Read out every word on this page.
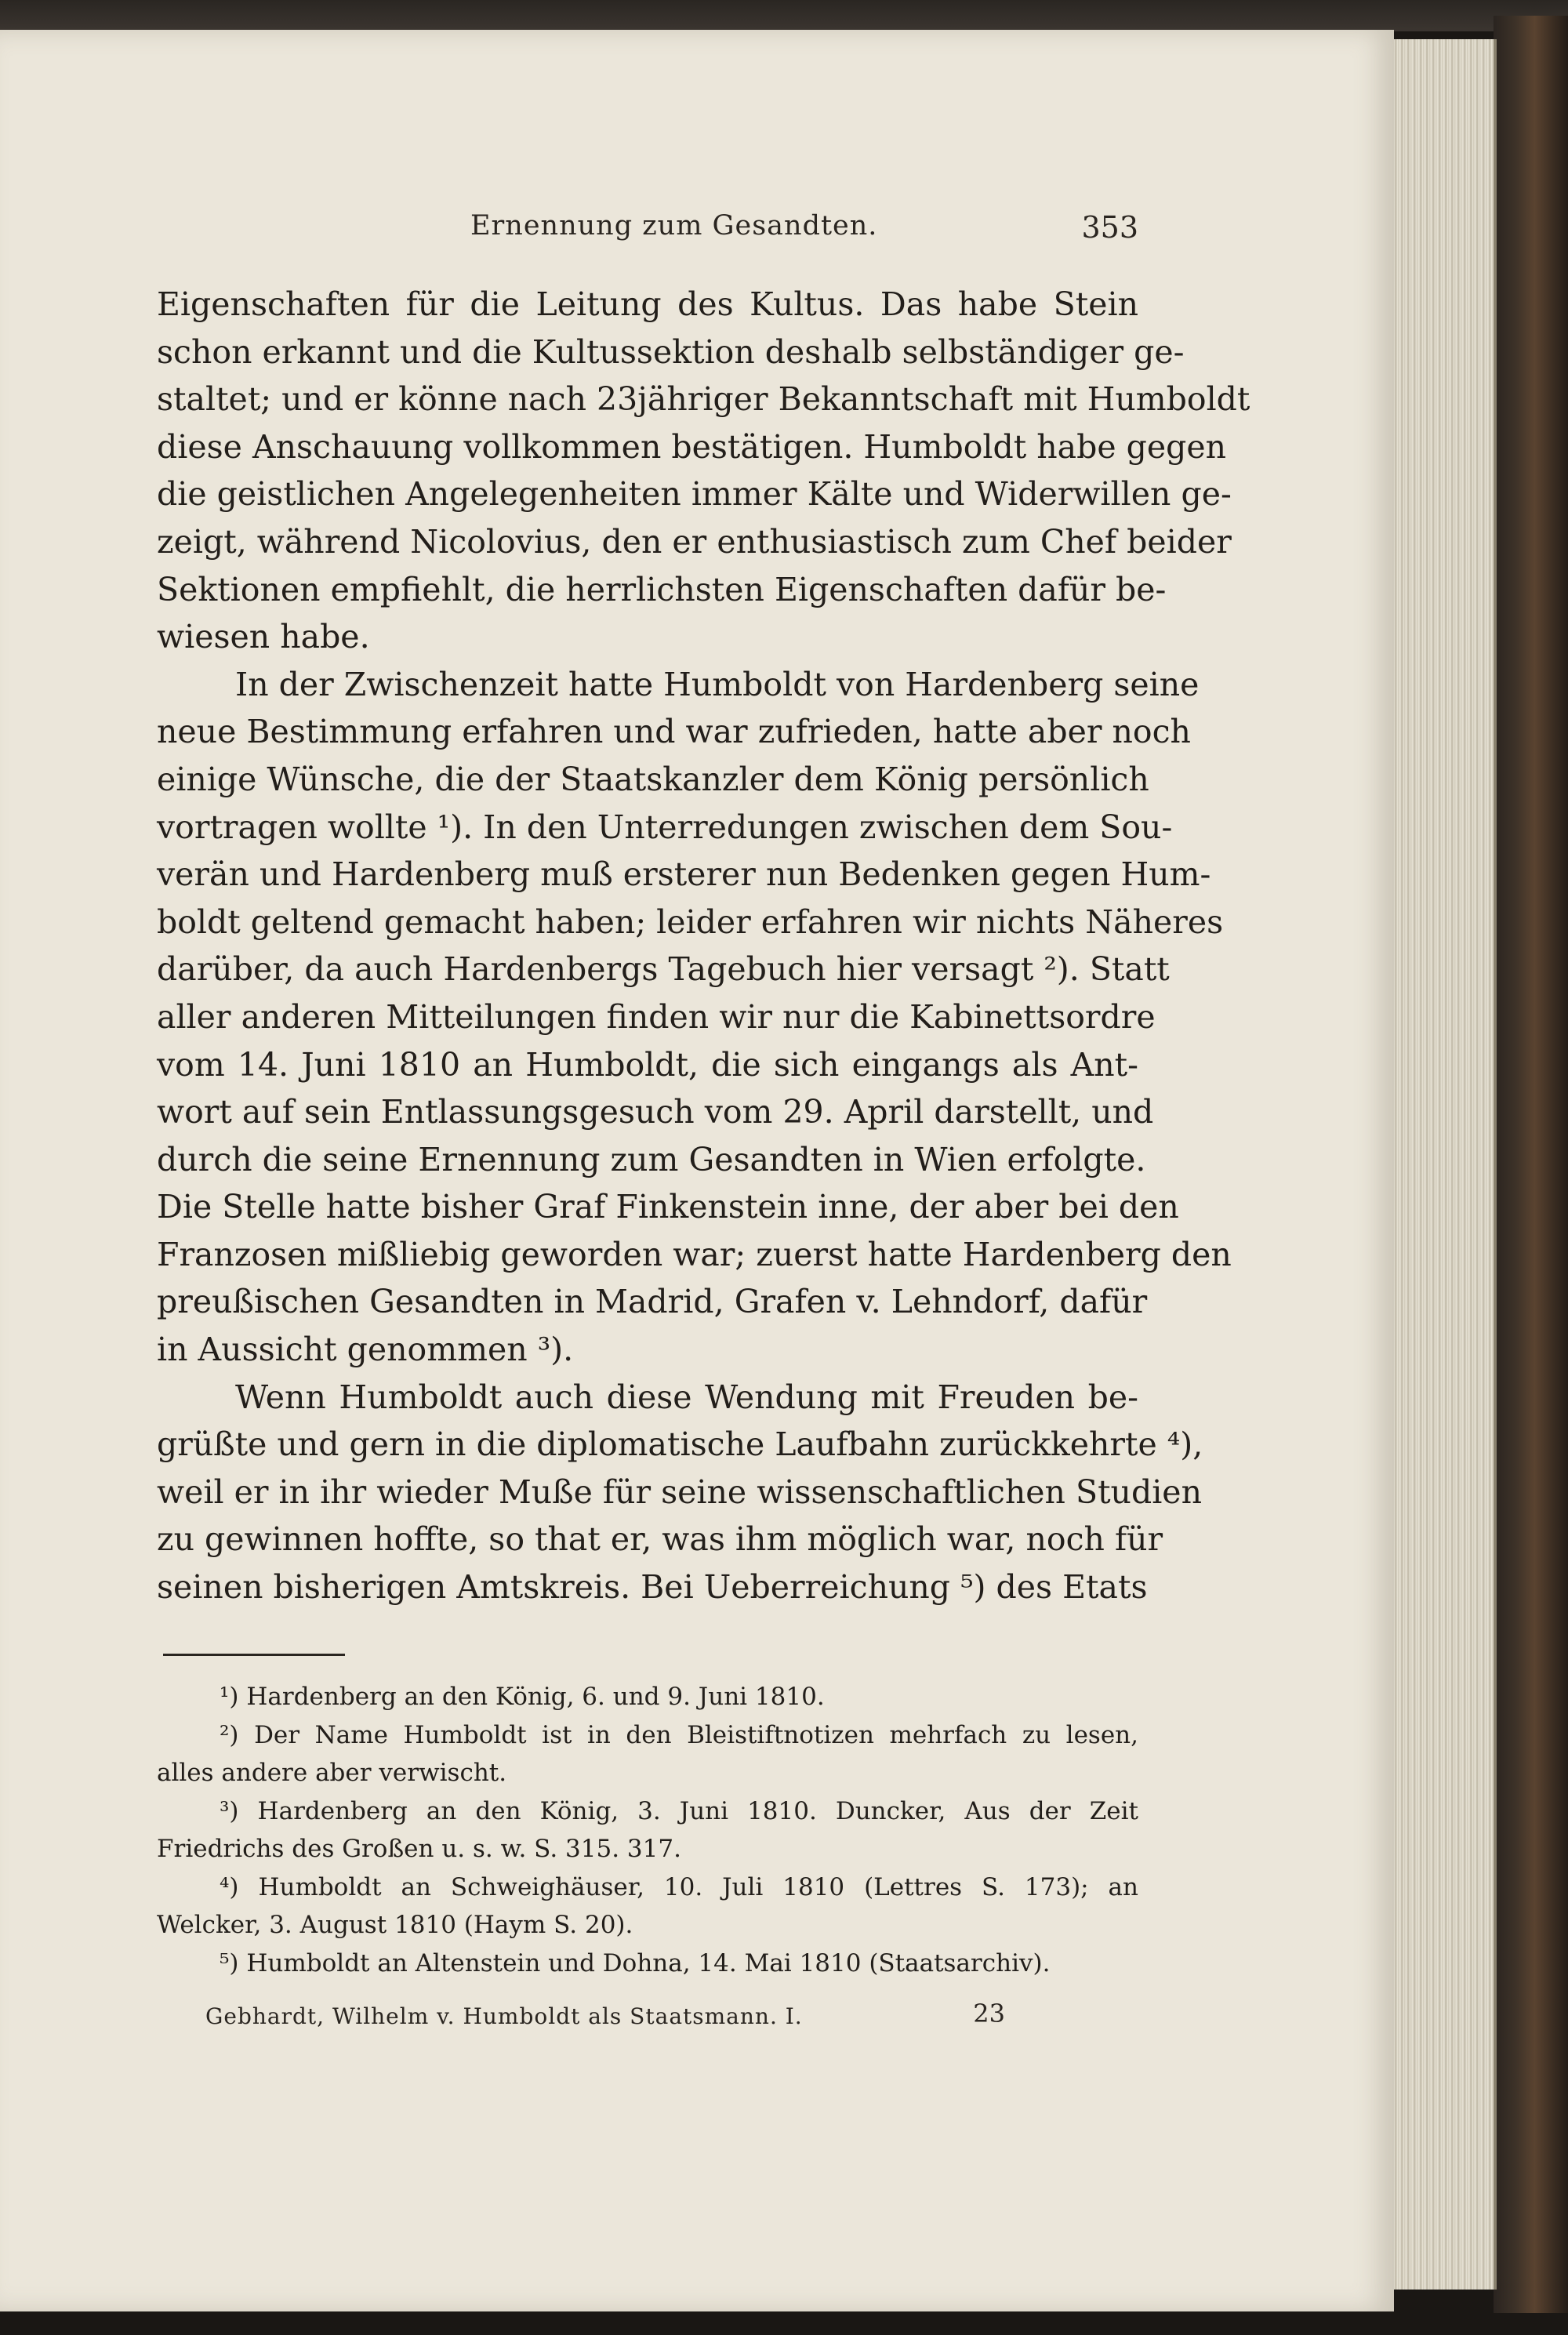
Ernennung zum Gesandten.	353
Eigenschaften für die Leitung des Kultus. Das habe Stein
schon erkannt und die Kultussektion deshalb selbständiger ge-
staltet; und er könne nach 23jähriger Bekanntschaft mit Humboldt
diese Anschauung vollkommen bestätigen. Humboldt habe gegen
die geistlichen Angelegenheiten immer Kälte und Widerwillen ge-
zeigt, während Nicolovius, den er enthusiastisch zum Chef beider
Sektionen empfiehlt, die herrlichsten Eigenschaften dafür be-
wiesen habe.
In der Zwischenzeit hatte Humboldt von Hardenberg seine
neue Bestimmung erfahren und war zufrieden, hatte aber noch
einige Wünsche, die der Staatskanzler dem König persönlich
vortragen wollte ¹). In den Unterredungen zwischen dem Sou-
verän und Hardenberg muß ersterer nun Bedenken gegen Hum-
boldt geltend gemacht haben; leider erfahren wir nichts Näheres
darüber, da auch Hardenbergs Tagebuch hier versagt ²). Statt
aller anderen Mitteilungen finden wir nur die Kabinettsordre
vom 14. Juni 1810 an Humboldt, die sich eingangs als Ant-
wort auf sein Entlassungsgesuch vom 29. April darstellt, und
durch die seine Ernennung zum Gesandten in Wien erfolgte.
Die Stelle hatte bisher Graf Finkenstein inne, der aber bei den
Franzosen mißliebig geworden war; zuerst hatte Hardenberg den
preußischen Gesandten in Madrid, Grafen v. Lehndorf, dafür
in Aussicht genommen ³).
Wenn Humboldt auch diese Wendung mit Freuden be-
grüßte und gern in die diplomatische Laufbahn zurückkehrte ⁴),
weil er in ihr wieder Muße für seine wissenschaftlichen Studien
zu gewinnen hoffte, so that er, was ihm möglich war, noch für
seinen bisherigen Amtskreis. Bei Ueberreichung ⁵) des Etats
¹) Hardenberg an den König, 6. und 9. Juni 1810.
²) Der Name Humboldt ist in den Bleistiftnotizen mehrfach zu lesen,
alles andere aber verwischt.
³) Hardenberg an den König, 3. Juni 1810. Duncker, Aus der Zeit
Friedrichs des Großen u. s. w. S. 315. 317.
⁴) Humboldt an Schweighäuser, 10. Juli 1810 (Lettres S. 173); an
Welcker, 3. August 1810 (Haym S. 20).
⁵) Humboldt an Altenstein und Dohna, 14. Mai 1810 (Staatsarchiv).
Gebhardt, Wilhelm v. Humboldt als Staatsmann. I.	23
